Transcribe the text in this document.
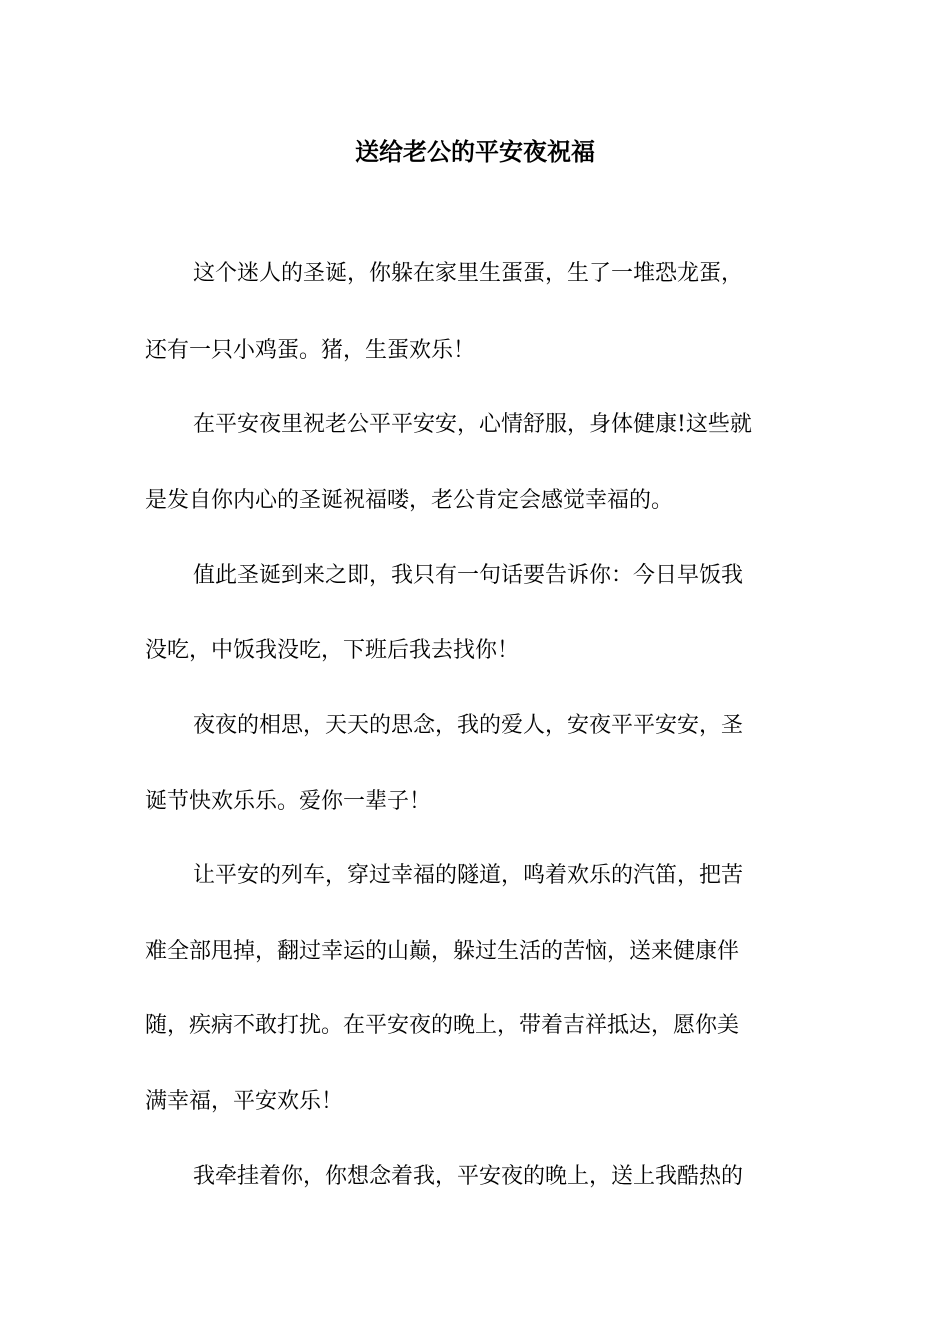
送给老公的平安夜祝福

这个迷人的圣诞，你躲在家里生蛋蛋，生了一堆恐龙蛋，

还有一只小鸡蛋。猪，生蛋欢乐！

在平安夜里祝老公平平安安，心情舒服，身体健康!这些就

是发自你内心的圣诞祝福喽，老公肯定会感觉幸福的。

值此圣诞到来之即，我只有一句话要告诉你：今日早饭我

没吃，中饭我没吃，下班后我去找你！

夜夜的相思，天天的思念，我的爱人，安夜平平安安，圣

诞节快欢乐乐。爱你一辈子！

让平安的列车，穿过幸福的隧道，鸣着欢乐的汽笛，把苦

难全部甩掉，翻过幸运的山巅，躲过生活的苦恼，送来健康伴

随，疾病不敢打扰。在平安夜的晚上，带着吉祥抵达，愿你美

满幸福，平安欢乐！

我牵挂着你，你想念着我，平安夜的晚上，送上我酷热的
